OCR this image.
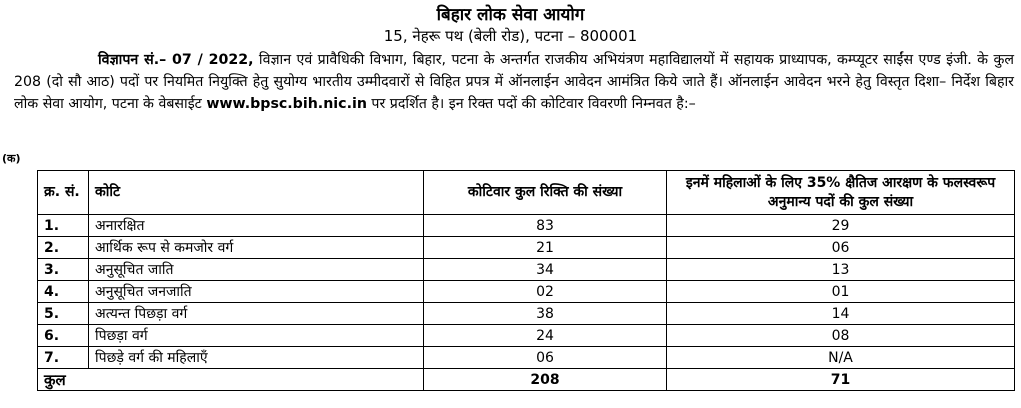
बिहार लोक सेवा आयोग
15, नेहरू पथ (बेली रोड), पटना – 800001
विज्ञापन सं.– 07 / 2022, विज्ञान एवं प्रावैधिकी विभाग, बिहार, पटना के अन्तर्गत राजकीय अभियंत्रण महाविद्यालयों में सहायक प्राध्यापक, कम्प्यूटर साईंस एण्ड इंजी. के कुल 208 (दो सौ आठ) पदों पर नियमित नियुक्ति हेतु सुयोग्य भारतीय उम्मीदवारों से विहित प्रपत्र में ऑनलाईन आवेदन आमंत्रित किये जाते हैं। ऑनलाईन आवेदन भरने हेतु विस्तृत दिशा– निर्देश बिहार लोक सेवा आयोग, पटना के वेबसाईट www.bpsc.bih.nic.in पर प्रदर्शित है। इन रिक्त पदों की कोटिवार विवरणी निम्नवत है:–
(क)
क्र. सं.	कोटि	कोटिवार कुल रिक्ति की संख्या	इनमें महिलाओं के लिए 35% क्षैतिज आरक्षण के फलस्वरूप अनुमान्य पदों की कुल संख्या
1.	अनारक्षित	83	29
2.	आर्थिक रूप से कमजोर वर्ग	21	06
3.	अनुसूचित जाति	34	13
4.	अनुसूचित जनजाति	02	01
5.	अत्यन्त पिछड़ा वर्ग	38	14
6.	पिछड़ा वर्ग	24	08
7.	पिछड़े वर्ग की महिलाएँ	06	N/A
कुल		208	71
